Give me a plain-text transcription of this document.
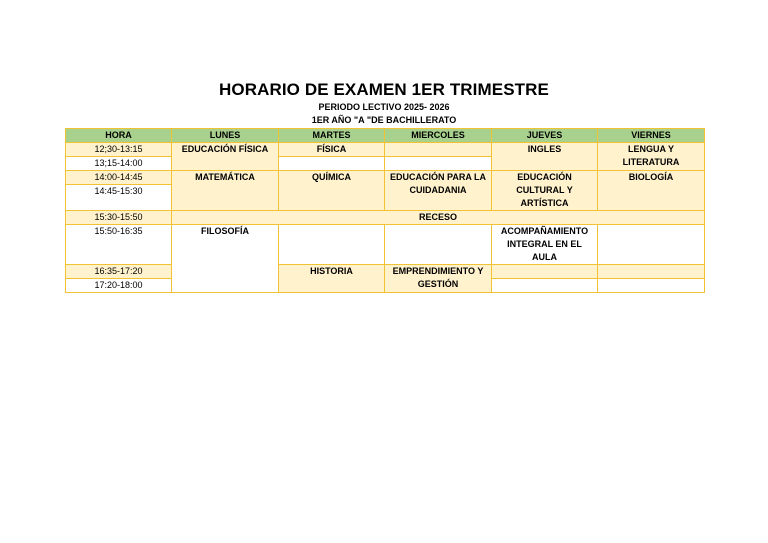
HORARIO DE EXAMEN 1ER TRIMESTRE
PERIODO LECTIVO 2025- 2026
1ER AÑO "A "DE BACHILLERATO
HORA	LUNES	MARTES	MIERCOLES	JUEVES	VIERNES
12;30-13:15	EDUCACIÓN FÍSICA	FÍSICA		INGLES	LENGUA Y LITERATURA
13;15-14:00					
14:00-14:45	MATEMÁTICA	QUÍMICA	EDUCACIÓN PARA LA CUIDADANIA	EDUCACIÓN CULTURAL Y ARTÍSTICA	BIOLOGÍA
14:45-15:30					
15:30-15:50	RECESO				
15:50-16:35	FILOSOFÍA			ACOMPAÑAMIENTO INTEGRAL EN EL AULA	
16:35-17:20		HISTORIA	EMPRENDIMIENTO Y GESTIÓN		
17:20-18:00					
